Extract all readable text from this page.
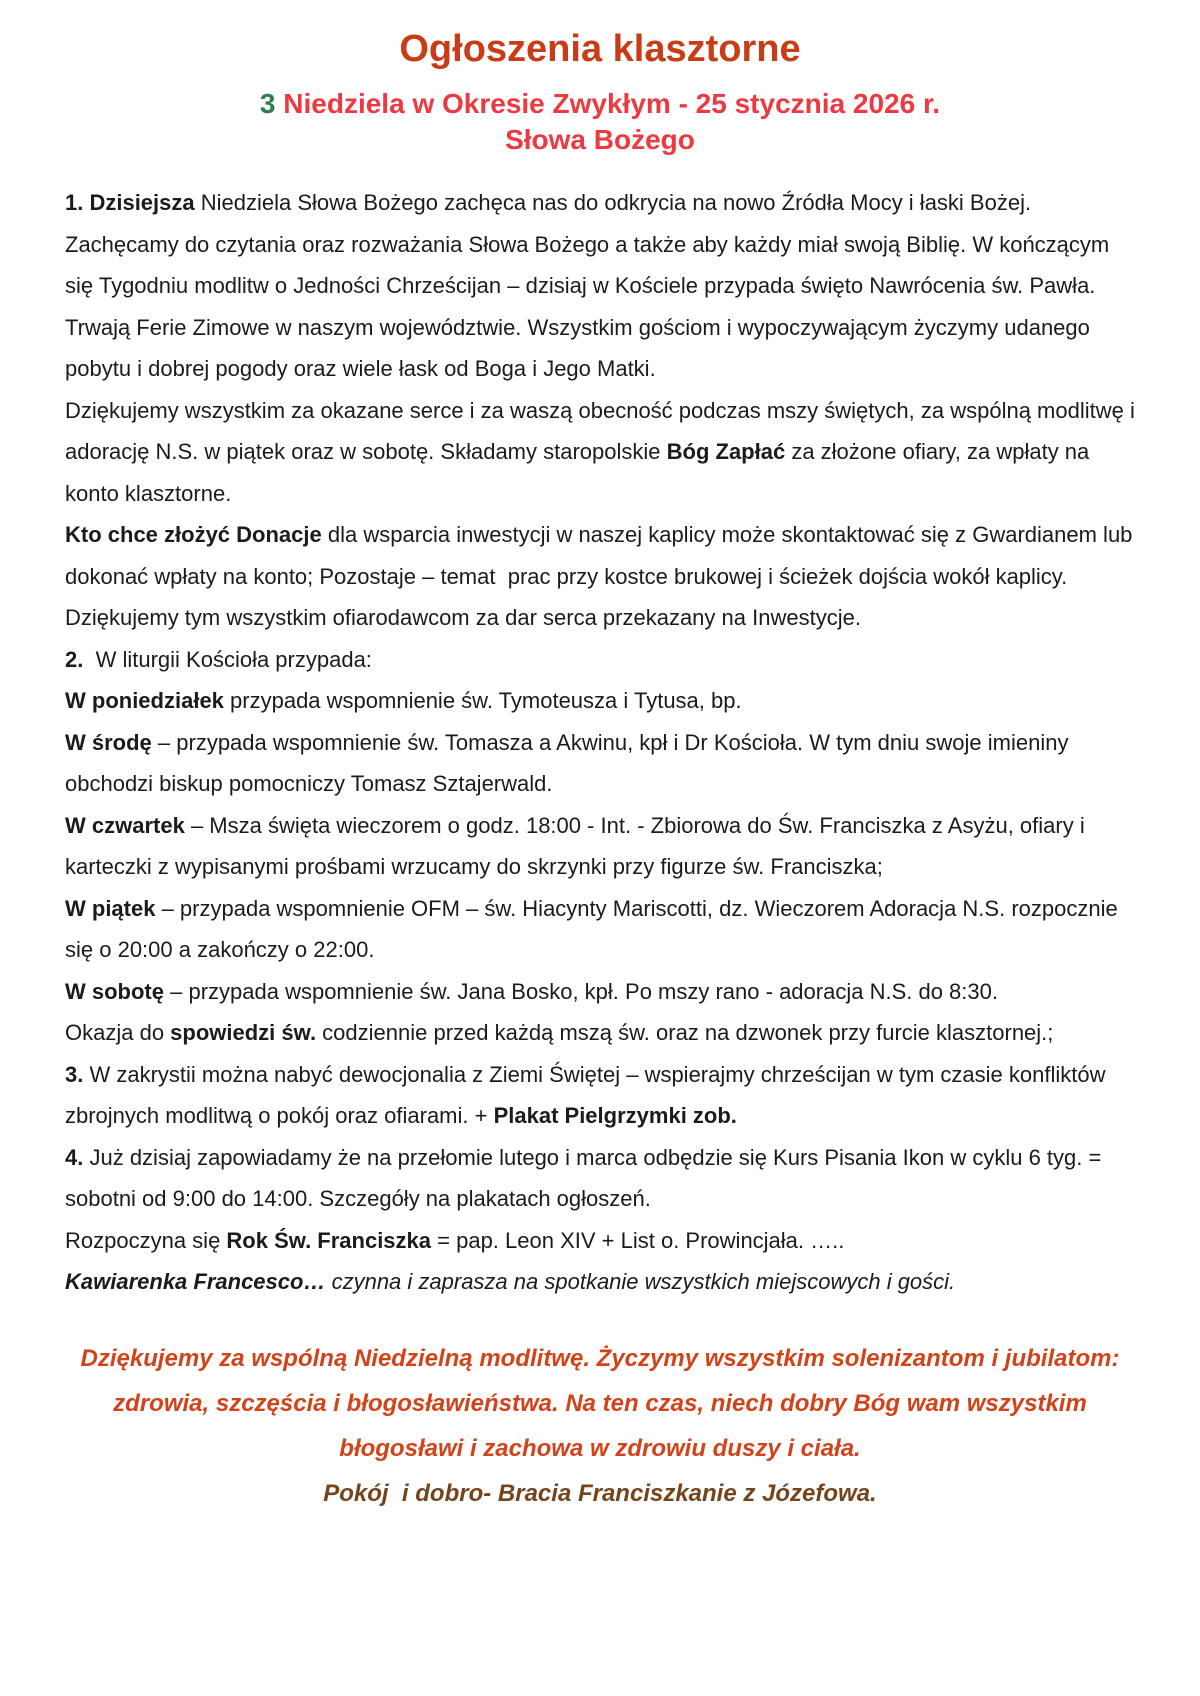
Ogłoszenia klasztorne
3 Niedziela w Okresie Zwykłym - 25 stycznia 2026 r.
Słowa Bożego

1. Dzisiejsza Niedziela Słowa Bożego zachęca nas do odkrycia na nowo Źródła Mocy i łaski Bożej. Zachęcamy do czytania oraz rozważania Słowa Bożego a także aby każdy miał swoją Biblię. W kończącym się Tygodniu modlitw o Jedności Chrześcijan – dzisiaj w Kościele przypada święto Nawrócenia św. Pawła.

Trwają Ferie Zimowe w naszym województwie. Wszystkim gościom i wypoczywającym życzymy udanego pobytu i dobrej pogody oraz wiele łask od Boga i Jego Matki.

Dziękujemy wszystkim za okazane serce i za waszą obecność podczas mszy świętych, za wspólną modlitwę i adorację N.S. w piątek oraz w sobotę. Składamy staropolskie Bóg Zapłać za złożone ofiary, za wpłaty na konto klasztorne.

Kto chce złożyć Donacje dla wsparcia inwestycji w naszej kaplicy może skontaktować się z Gwardianem lub dokonać wpłaty na konto; Pozostaje – temat  prac przy kostce brukowej i ścieżek dojścia wokół kaplicy.  Dziękujemy tym wszystkim ofiarodawcom za dar serca przekazany na Inwestycje.

2.  W liturgii Kościoła przypada:

W poniedziałek przypada wspomnienie św. Tymoteusza i Tytusa, bp.

W środę – przypada wspomnienie św. Tomasza a Akwinu, kpł i Dr Kościoła. W tym dniu swoje imieniny obchodzi biskup pomocniczy Tomasz Sztajerwald.

W czwartek – Msza święta wieczorem o godz. 18:00 - Int. - Zbiorowa do Św. Franciszka z Asyżu, ofiary i karteczki z wypisanymi prośbami wrzucamy do skrzynki przy figurze św. Franciszka;

W piątek – przypada wspomnienie OFM – św. Hiacynty Mariscotti, dz. Wieczorem Adoracja N.S. rozpocznie się o 20:00 a zakończy o 22:00.

W sobotę – przypada wspomnienie św. Jana Bosko, kpł. Po mszy rano - adoracja N.S. do 8:30.

Okazja do spowiedzi św. codziennie przed każdą mszą św. oraz na dzwonek przy furcie klasztornej.;

3. W zakrystii można nabyć dewocjonalia z Ziemi Świętej – wspierajmy chrześcijan w tym czasie konfliktów zbrojnych modlitwą o pokój oraz ofiarami. + Plakat Pielgrzymki zob.

4. Już dzisiaj zapowiadamy że na przełomie lutego i marca odbędzie się Kurs Pisania Ikon w cyklu 6 tyg. = sobotni od 9:00 do 14:00. Szczegóły na plakatach ogłoszeń.

Rozpoczyna się Rok Św. Franciszka = pap. Leon XIV + List o. Prowincjała. …..

Kawiarenka Francesco… czynna i zaprasza na spotkanie wszystkich miejscowych i gości.

Dziękujemy za wspólną Niedzielną modlitwę. Życzymy wszystkim solenizantom i jubilatom: zdrowia, szczęścia i błogosławieństwa. Na ten czas, niech dobry Bóg wam wszystkim błogosławi i zachowa w zdrowiu duszy i ciała.
Pokój  i dobro- Bracia Franciszkanie z Józefowa.
